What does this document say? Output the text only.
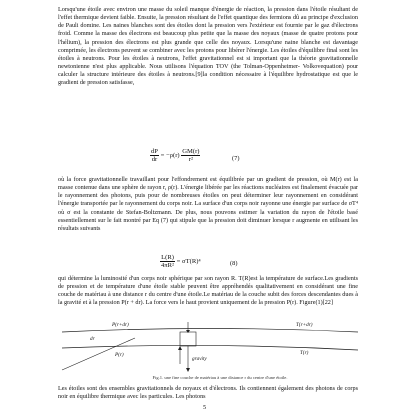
Lorsqu'une étoile avec environ une masse du soleil manque d'énergie de réaction, la pression dans l'étoile résultant de l'effet thermique devient faible. Ensuite, la pression résultant de l'effet quantique des fermions dû au principe d'exclusion de Pauli domine. Les naines blanches sont des étoiles dont la pression vers l'extérieur est fournie par le gaz d'électrons froid. Comme la masse des électrons est beaucoup plus petite que la masse des noyaux (masse de quatre protons pour l'hélium), la pression des électrons est plus grande que celle des noyaux. Lorsqu'une naine blanche est davantage comprimée, les électrons peuvent se combiner avec les protons pour libérer l'énergie. Les étoiles d'équilibre final sont les étoiles à neutrons. Pour les étoiles à neutrons, l'effet gravitationnel est si important que la théorie gravitationnelle newtonienne n'est plus applicable. Nous utilisons l'équation TOV (the Tolman-Oppenheimer- Volkovequation) pour calculer la structure intérieure des étoiles à neutrons.[9]la condition nécessaire à l'équilibre hydrostatique est que le gradient de pression satisfasse,

$\frac{dP}{dr} = -\rho(r) \frac{GM(r)}{\text{r²}}$	(7)

où la force gravitationnelle travaillant pour l'effondrement est équilibrée par un gradient de pression, où M(r) est la masse contenue dans une sphère de rayon r, ρ(r). L'énergie libérée par les réactions nucléaires est finalement évacuée par le rayonnement des photons, puis pour de nombreuses étoiles on peut déterminer leur rayonnement en considérant l'énergie transportée par le rayonnement du corps noir. La surface d'un corps noir rayonne une énergie par surface de σT⁴ où σ est la constante de Stefan-Boltzmann. De plus, nous pouvons estimer la variation du rayon de l'étoile basé essentiellement sur le fait montré par Eq (7) qui stipule que la pression doit diminuer lorsque r augmente en utilisant les résultats suivants

$\frac{L(R)}{\text{4πR²}} = \sigma T(R)^4$	(8)

qui détermine la luminosité d'un corps noir sphérique par son rayon R. T(R)est la température de surface.Les gradients de pression et de température d'une étoile stable peuvent être appréhendés qualitativement en considérant une fine couche de matériau à une distance r du centre d'une étoile.Le matériau de la couche subit des forces descendantes dues à la gravité et à la pression P(r + dr). La force vers le haut provient uniquement de la pression P(r). Figure(1)[22]

P(r+dr)
P(r)
T(r+dr)
T(r)
dr
gravity
Fig.1. une fine couche de matériau à une distance r du centre d'une étoile.

Les étoiles sont des ensembles gravitationnels de noyaux et d'électrons. Ils contiennent également des photons de corps noir en équilibre thermique avec les particules. Les photons

5
